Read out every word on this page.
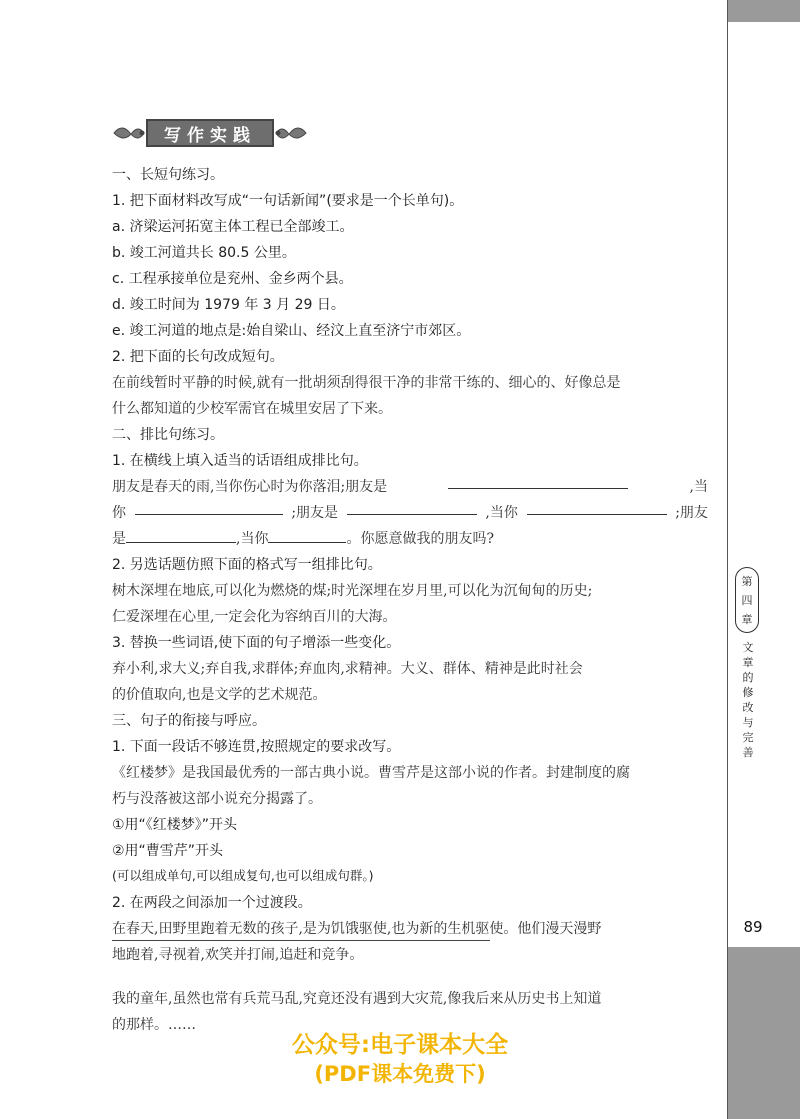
第
四
章
文
章
的
修
改
与
完
善
89
写作实践
一、长短句练习。
1. 把下面材料改写成“一句话新闻”(要求是一个长单句)。
a. 济梁运河拓宽主体工程已全部竣工。
b. 竣工河道共长 80.5 公里。
c. 工程承接单位是兖州、金乡两个县。
d. 竣工时间为 1979 年 3 月 29 日。
e. 竣工河道的地点是:始自梁山、经汶上直至济宁市郊区。
2. 把下面的长句改成短句。
在前线暂时平静的时候,就有一批胡须刮得很干净的非常干练的、细心的、好像总是
什么都知道的少校军需官在城里安居了下来。
二、排比句练习。
1. 在横线上填入适当的话语组成排比句。
朋友是春天的雨,当你伤心时为你落泪;朋友是	,当
你	;朋友是	,当你	;朋友
是	,当你	。你愿意做我的朋友吗?
2. 另选话题仿照下面的格式写一组排比句。
树木深埋在地底,可以化为燃烧的煤;时光深埋在岁月里,可以化为沉甸甸的历史;
仁爱深埋在心里,一定会化为容纳百川的大海。
3. 替换一些词语,使下面的句子增添一些变化。
弃小利,求大义;弃自我,求群体;弃血肉,求精神。大义、群体、精神是此时社会
的价值取向,也是文学的艺术规范。
三、句子的衔接与呼应。
1. 下面一段话不够连贯,按照规定的要求改写。
《红楼梦》是我国最优秀的一部古典小说。曹雪芹是这部小说的作者。封建制度的腐
朽与没落被这部小说充分揭露了。
①用“《红楼梦》”开头
②用“曹雪芹”开头
(可以组成单句,可以组成复句,也可以组成句群。)
2. 在两段之间添加一个过渡段。
在春天,田野里跑着无数的孩子,是为饥饿驱使,也为新的生机驱使。他们漫天漫野
地跑着,寻视着,欢笑并打闹,追赶和竞争。
我的童年,虽然也常有兵荒马乱,究竟还没有遇到大灾荒,像我后来从历史书上知道
的那样。……
公众号:电子课本大全
(PDF课本免费下)
